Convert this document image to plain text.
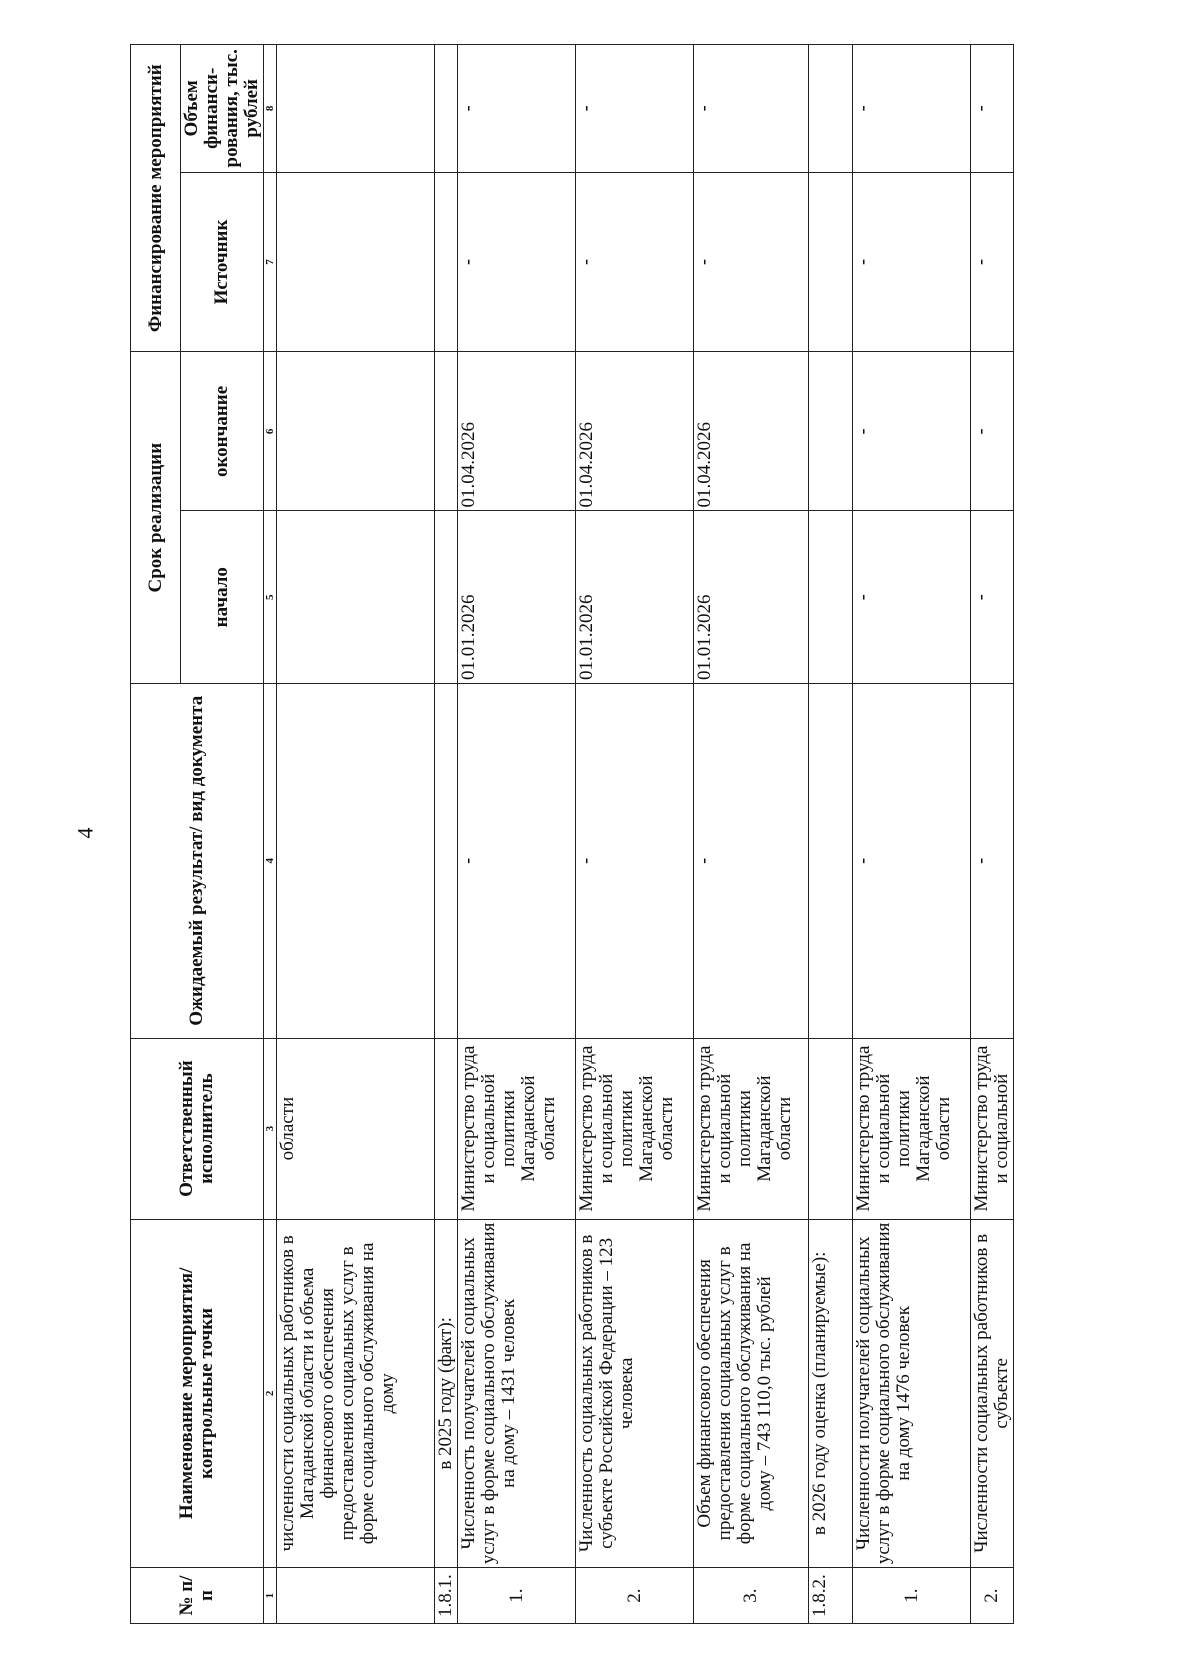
4
№ п/п	Наименование мероприятия/ контрольные точки	Ответственный исполнитель	Ожидаемый результат/ вид документа	Срок реализации		Финансирование мероприятий	
				начало	окончание	Источник	Объем финанси-рования, тыс. рублей
1	2	3	4	5	6	7	8
	численности социальных работников в Магаданской области и объема финансового обеспечения предоставления социальных услуг в форме социального обслуживания на дому	области					
1.8.1.	в 2025 году (факт):						
1.	Численность получателей социальных услуг в форме социального обслуживания на дому – 1431 человек	Министерство труда и социальной политики Магаданской области	-	01.01.2026	01.04.2026	-	-
2.	Численность социальных работников в субъекте Российской Федерации – 123 человека	Министерство труда и социальной политики Магаданской области	-	01.01.2026	01.04.2026	-	-
3.	Объем финансового обеспечения предоставления социальных услуг в форме социального обслуживания на дому – 743 110,0 тыс. рублей	Министерство труда и социальной политики Магаданской области	-	01.01.2026	01.04.2026	-	-
1.8.2.	в 2026 году оценка (планируемые):						
1.	Численности получателей социальных услуг в форме социального обслуживания на дому 1476 человек	Министерство труда и социальной политики Магаданской области	-	-	-	-	-
2.	Численности социальных работников в субъекте	Министерство труда и социальной	-	-	-	-	-
